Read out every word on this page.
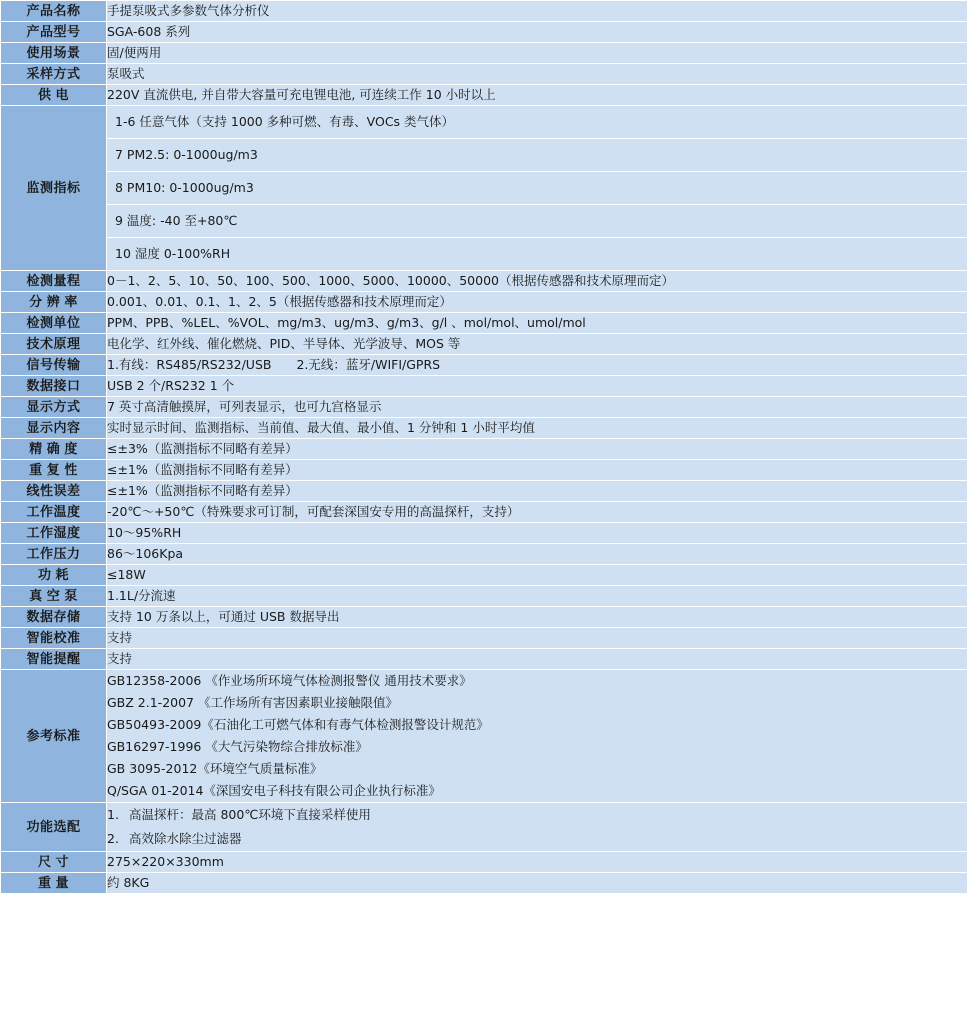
产品名称	手提泵吸式多参数气体分析仪
产品型号	SGA-608 系列
使用场景	固/便两用
采样方式	泵吸式
供 电	220V 直流供电, 并自带大容量可充电锂电池, 可连续工作 10 小时以上
监测指标	1-6 任意气体（支持 1000 多种可燃、有毒、VOCs 类气体）
7 PM2.5: 0-1000ug/m3
8 PM10: 0-1000ug/m3
9 温度: -40 至+80℃
10 湿度 0-100%RH

检测量程	0－1、2、5、10、50、100、500、1000、5000、10000、50000（根据传感器和技术原理而定）
分 辨 率	0.001、0.01、0.1、1、2、5（根据传感器和技术原理而定）
检测单位	PPM、PPB、%LEL、%VOL、mg/m3、ug/m3、g/m3、g/l 、mol/mol、umol/mol
技术原理	电化学、红外线、催化燃烧、PID、半导体、光学波导、MOS 等
信号传输	1.有线：RS485/RS232/USB　　2.无线：蓝牙/WIFI/GPRS
数据接口	USB 2 个/RS232 1 个
显示方式	7 英寸高清触摸屏，可列表显示，也可九宫格显示
显示内容	实时显示时间、监测指标、当前值、最大值、最小值、1 分钟和 1 小时平均值
精 确 度	≤±3%（监测指标不同略有差异）
重 复 性	≤±1%（监测指标不同略有差异）
线性误差	≤±1%（监测指标不同略有差异）
工作温度	-20℃～+50℃（特殊要求可订制，可配套深国安专用的高温探杆，支持）
工作湿度	10～95%RH
工作压力	86～106Kpa
功 耗	≤18W
真 空 泵	1.1L/分流速
数据存储	支持 10 万条以上，可通过 USB 数据导出
智能校准	支持
智能提醒	支持
参考标准	
GB12358-2006 《作业场所环境气体检测报警仪 通用技术要求》
GBZ 2.1-2007 《工作场所有害因素职业接触限值》
GB50493-2009《石油化工可燃气体和有毒气体检测报警设计规范》
GB16297-1996 《大气污染物综合排放标准》
GB 3095-2012《环境空气质量标准》
Q/SGA 01-2014《深国安电子科技有限公司企业执行标准》

功能选配	1. 高温探杆：最高 800℃环境下直接采样使用
2. 高效除水除尘过滤器

尺 寸	275×220×330mm
重 量	约 8KG
